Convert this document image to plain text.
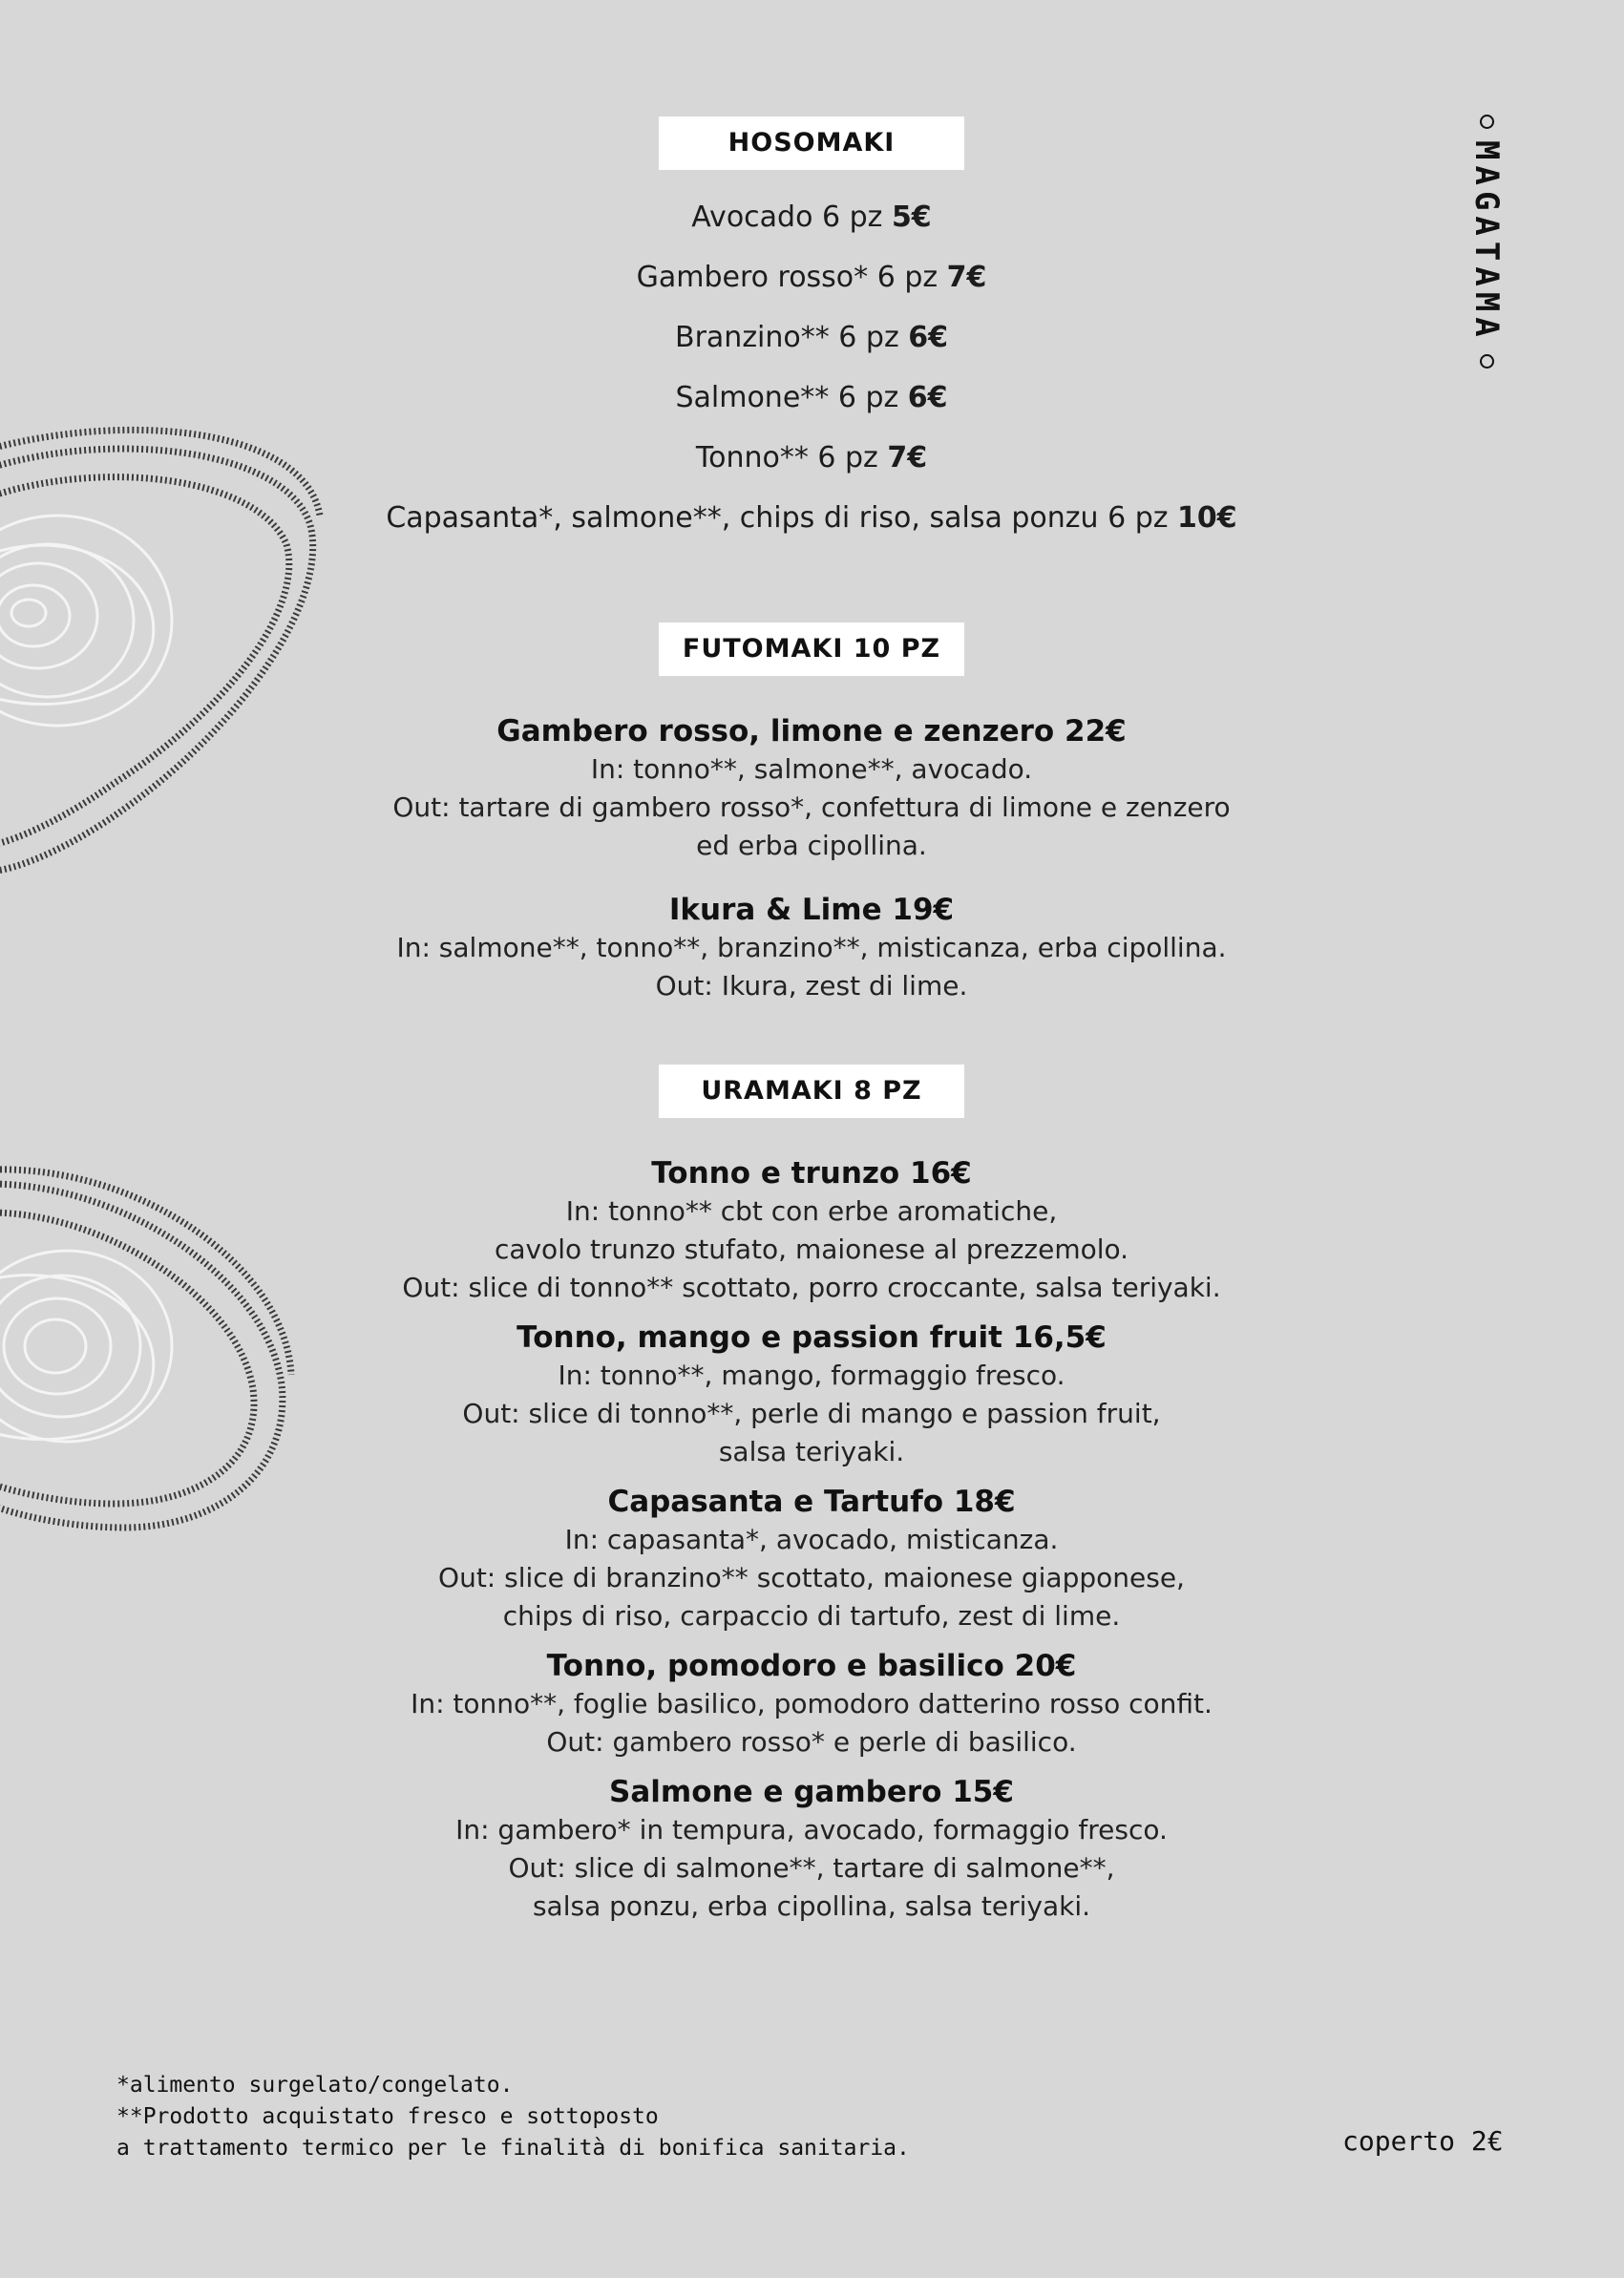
MAGATAMA
HOSOMAKI
Avocado 6 pz 5€
Gambero rosso* 6 pz 7€
Branzino** 6 pz 6€
Salmone** 6 pz 6€
Tonno** 6 pz 7€
Capasanta*, salmone**, chips di riso, salsa ponzu 6 pz 10€
FUTOMAKI 10 PZ
Gambero rosso, limone e zenzero 22€
In: tonno**, salmone**, avocado.
Out: tartare di gambero rosso*, confettura di limone e zenzero
ed erba cipollina.
Ikura & Lime 19€
In: salmone**, tonno**, branzino**, misticanza, erba cipollina.
Out: Ikura, zest di lime.
URAMAKI 8 PZ
Tonno e trunzo 16€
In: tonno** cbt con erbe aromatiche,
cavolo trunzo stufato, maionese al prezzemolo.
Out: slice di tonno** scottato, porro croccante, salsa teriyaki.
Tonno, mango e passion fruit 16,5€
In: tonno**, mango, formaggio fresco.
Out: slice di tonno**, perle di mango e passion fruit,
salsa teriyaki.
Capasanta e Tartufo 18€
In: capasanta*, avocado, misticanza.
Out: slice di branzino** scottato, maionese giapponese,
chips di riso, carpaccio di tartufo, zest di lime.
Tonno, pomodoro e basilico 20€
In: tonno**, foglie basilico, pomodoro datterino rosso confit.
Out: gambero rosso* e perle di basilico.
Salmone e gambero 15€
In: gambero* in tempura, avocado, formaggio fresco.
Out: slice di salmone**, tartare di salmone**,
salsa ponzu, erba cipollina, salsa teriyaki.
*alimento surgelato/congelato.
**Prodotto acquistato fresco e sottoposto
a trattamento termico per le finalità di bonifica sanitaria.	coperto 2€
